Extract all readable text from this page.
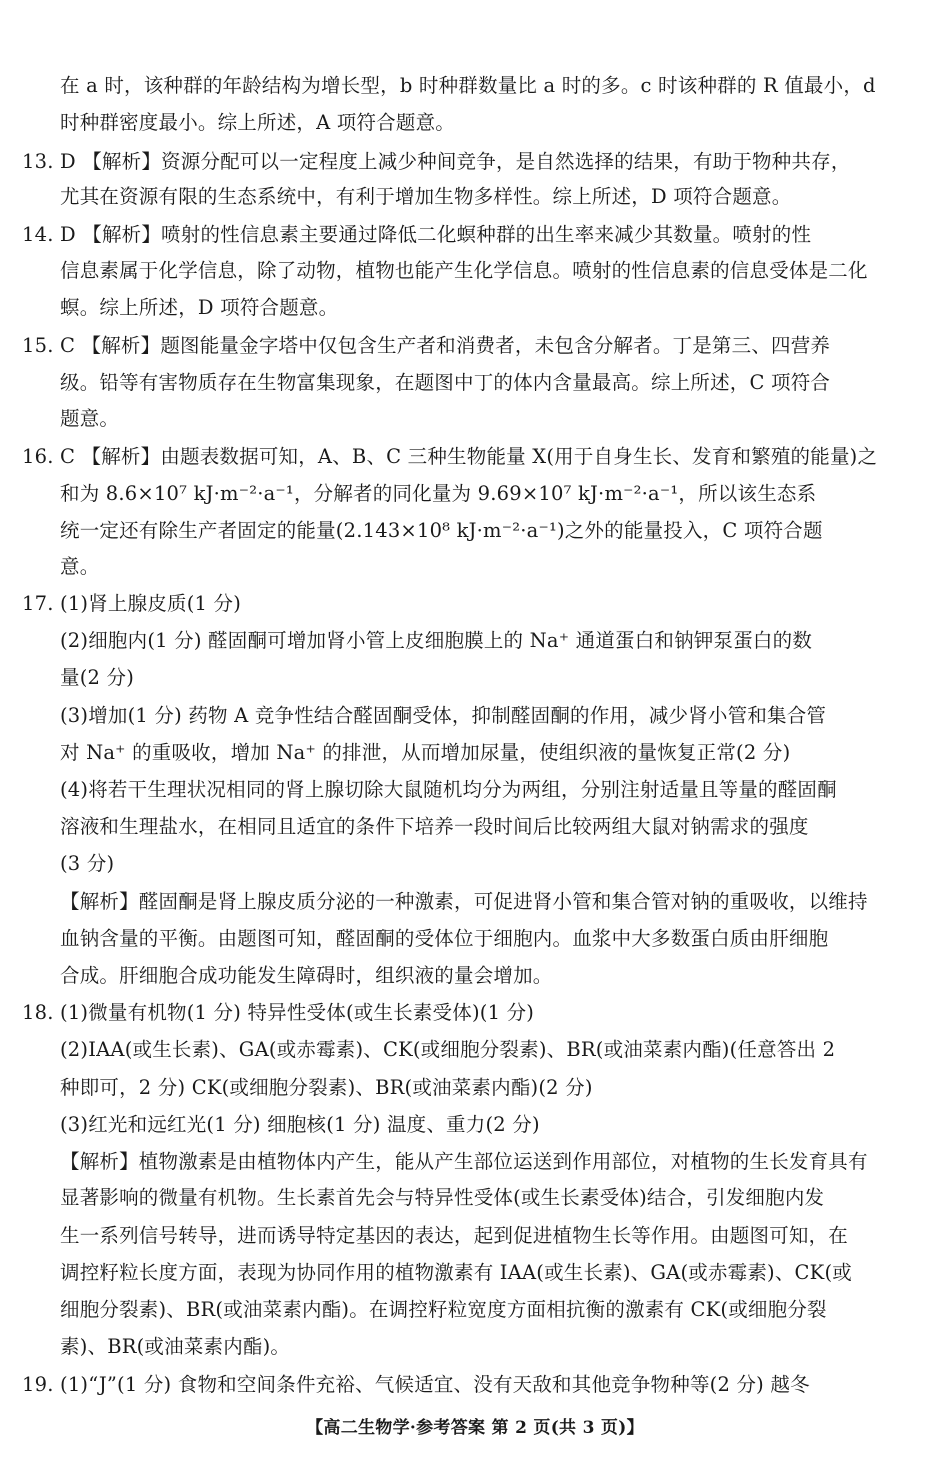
在 a 时，该种群的年龄结构为增长型，b 时种群数量比 a 时的多。c 时该种群的 R 值最小，d
时种群密度最小。综上所述，A 项符合题意。
13. D 【解析】资源分配可以一定程度上减少种间竞争，是自然选择的结果，有助于物种共存，
尤其在资源有限的生态系统中，有利于增加生物多样性。综上所述，D 项符合题意。
14. D 【解析】喷射的性信息素主要通过降低二化螟种群的出生率来减少其数量。喷射的性
信息素属于化学信息，除了动物，植物也能产生化学信息。喷射的性信息素的信息受体是二化
螟。综上所述，D 项符合题意。
15. C 【解析】题图能量金字塔中仅包含生产者和消费者，未包含分解者。丁是第三、四营养
级。铅等有害物质存在生物富集现象，在题图中丁的体内含量最高。综上所述，C 项符合
题意。
16. C 【解析】由题表数据可知，A、B、C 三种生物能量 X(用于自身生长、发育和繁殖的能量)之
和为 8.6×10⁷ kJ·m⁻²·a⁻¹，分解者的同化量为 9.69×10⁷ kJ·m⁻²·a⁻¹，所以该生态系
统一定还有除生产者固定的能量(2.143×10⁸ kJ·m⁻²·a⁻¹)之外的能量投入，C 项符合题
意。
17. (1)肾上腺皮质(1 分)
(2)细胞内(1 分) 醛固酮可增加肾小管上皮细胞膜上的 Na⁺ 通道蛋白和钠钾泵蛋白的数
量(2 分)
(3)增加(1 分) 药物 A 竞争性结合醛固酮受体，抑制醛固酮的作用，减少肾小管和集合管
对 Na⁺ 的重吸收，增加 Na⁺ 的排泄，从而增加尿量，使组织液的量恢复正常(2 分)
(4)将若干生理状况相同的肾上腺切除大鼠随机均分为两组，分别注射适量且等量的醛固酮
溶液和生理盐水，在相同且适宜的条件下培养一段时间后比较两组大鼠对钠需求的强度
(3 分)
【解析】醛固酮是肾上腺皮质分泌的一种激素，可促进肾小管和集合管对钠的重吸收，以维持
血钠含量的平衡。由题图可知，醛固酮的受体位于细胞内。血浆中大多数蛋白质由肝细胞
合成。肝细胞合成功能发生障碍时，组织液的量会增加。
18. (1)微量有机物(1 分) 特异性受体(或生长素受体)(1 分)
(2)IAA(或生长素)、GA(或赤霉素)、CK(或细胞分裂素)、BR(或油菜素内酯)(任意答出 2
种即可，2 分) CK(或细胞分裂素)、BR(或油菜素内酯)(2 分)
(3)红光和远红光(1 分) 细胞核(1 分) 温度、重力(2 分)
【解析】植物激素是由植物体内产生，能从产生部位运送到作用部位，对植物的生长发育具有
显著影响的微量有机物。生长素首先会与特异性受体(或生长素受体)结合，引发细胞内发
生一系列信号转导，进而诱导特定基因的表达，起到促进植物生长等作用。由题图可知，在
调控籽粒长度方面，表现为协同作用的植物激素有 IAA(或生长素)、GA(或赤霉素)、CK(或
细胞分裂素)、BR(或油菜素内酯)。在调控籽粒宽度方面相抗衡的激素有 CK(或细胞分裂
素)、BR(或油菜素内酯)。
19. (1)“J”(1 分) 食物和空间条件充裕、气候适宜、没有天敌和其他竞争物种等(2 分) 越冬
【高二生物学·参考答案 第 2 页(共 3 页)】
